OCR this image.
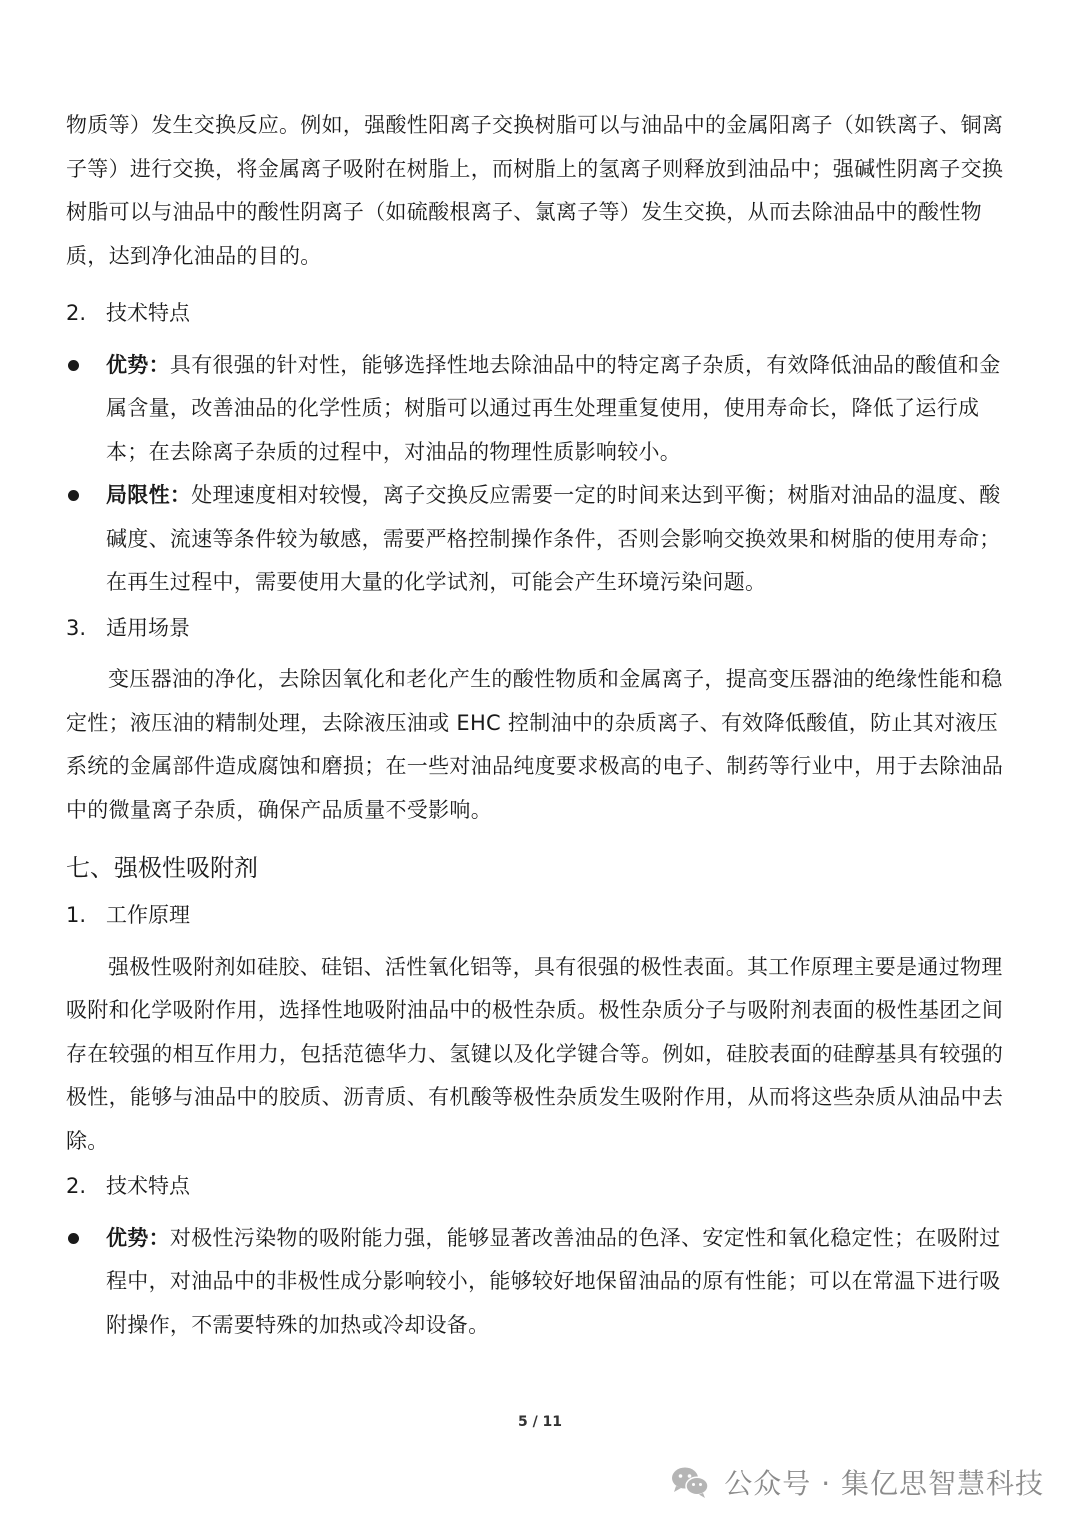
物质等）发生交换反应。例如，强酸性阳离子交换树脂可以与油品中的金属阳离子（如铁离子、铜离子等）进行交换，将金属离子吸附在树脂上，而树脂上的氢离子则释放到油品中；强碱性阴离子交换树脂可以与油品中的酸性阴离子（如硫酸根离子、氯离子等）发生交换，从而去除油品中的酸性物质，达到净化油品的目的。

2. 技术特点
优势：具有很强的针对性，能够选择性地去除油品中的特定离子杂质，有效降低油品的酸值和金属含量，改善油品的化学性质；树脂可以通过再生处理重复使用，使用寿命长，降低了运行成本；在去除离子杂质的过程中，对油品的物理性质影响较小。
局限性：处理速度相对较慢，离子交换反应需要一定的时间来达到平衡；树脂对油品的温度、酸碱度、流速等条件较为敏感，需要严格控制操作条件，否则会影响交换效果和树脂的使用寿命；在再生过程中，需要使用大量的化学试剂，可能会产生环境污染问题。
3. 适用场景

变压器油的净化，去除因氧化和老化产生的酸性物质和金属离子，提高变压器油的绝缘性能和稳定性；液压油的精制处理，去除液压油或 EHC 控制油中的杂质离子、有效降低酸值，防止其对液压系统的金属部件造成腐蚀和磨损；在一些对油品纯度要求极高的电子、制药等行业中，用于去除油品中的微量离子杂质，确保产品质量不受影响。

七、强极性吸附剂
1. 工作原理

强极性吸附剂如硅胶、硅铝、活性氧化铝等，具有很强的极性表面。其工作原理主要是通过物理吸附和化学吸附作用，选择性地吸附油品中的极性杂质。极性杂质分子与吸附剂表面的极性基团之间存在较强的相互作用力，包括范德华力、氢键以及化学键合等。例如，硅胶表面的硅醇基具有较强的极性，能够与油品中的胶质、沥青质、有机酸等极性杂质发生吸附作用，从而将这些杂质从油品中去除。

2. 技术特点
优势：对极性污染物的吸附能力强，能够显著改善油品的色泽、安定性和氧化稳定性；在吸附过程中，对油品中的非极性成分影响较小，能够较好地保留油品的原有性能；可以在常温下进行吸附操作，不需要特殊的加热或冷却设备。
5 / 11
公众号 · 集亿思智慧科技
